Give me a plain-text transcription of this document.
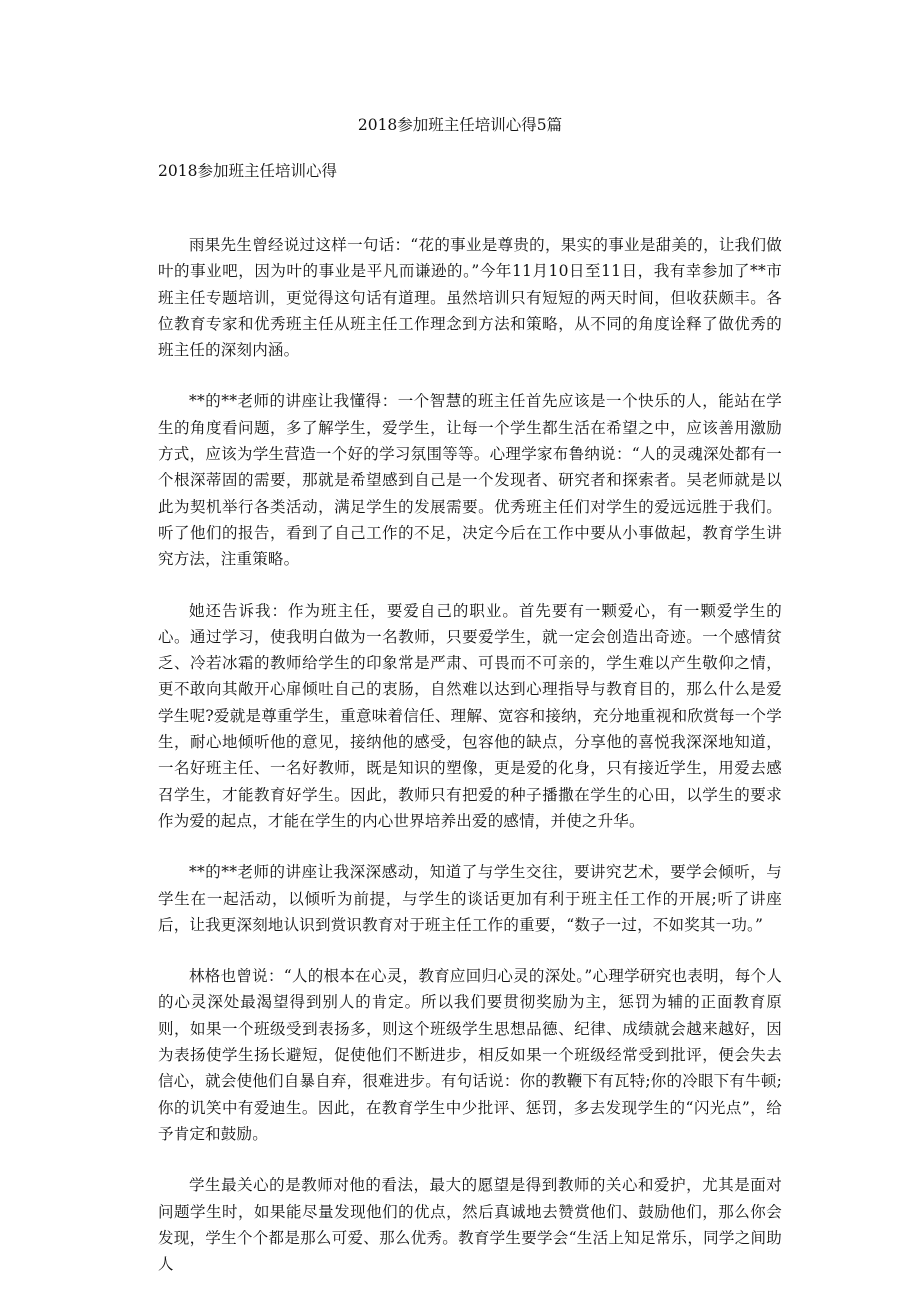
2018参加班主任培训心得5篇
2018参加班主任培训心得

雨果先生曾经说过这样一句话：“花的事业是尊贵的，果实的事业是甜美的，让我们做叶的事业吧，因为叶的事业是平凡而谦逊的。”今年11月10日至11日，我有幸参加了**市班主任专题培训，更觉得这句话有道理。虽然培训只有短短的两天时间，但收获颇丰。各位教育专家和优秀班主任从班主任工作理念到方法和策略，从不同的角度诠释了做优秀的班主任的深刻内涵。

**的**老师的讲座让我懂得：一个智慧的班主任首先应该是一个快乐的人，能站在学生的角度看问题，多了解学生，爱学生，让每一个学生都生活在希望之中，应该善用激励方式，应该为学生营造一个好的学习氛围等等。心理学家布鲁纳说：“人的灵魂深处都有一个根深蒂固的需要，那就是希望感到自己是一个发现者、研究者和探索者。吴老师就是以此为契机举行各类活动，满足学生的发展需要。优秀班主任们对学生的爱远远胜于我们。听了他们的报告，看到了自己工作的不足，决定今后在工作中要从小事做起，教育学生讲究方法，注重策略。

她还告诉我：作为班主任，要爱自己的职业。首先要有一颗爱心，有一颗爱学生的心。通过学习，使我明白做为一名教师，只要爱学生，就一定会创造出奇迹。一个感情贫乏、冷若冰霜的教师给学生的印象常是严肃、可畏而不可亲的，学生难以产生敬仰之情，更不敢向其敞开心扉倾吐自己的衷肠，自然难以达到心理指导与教育目的，那么什么是爱学生呢?爱就是尊重学生，重意味着信任、理解、宽容和接纳，充分地重视和欣赏每一个学生，耐心地倾听他的意见，接纳他的感受，包容他的缺点，分享他的喜悦我深深地知道，一名好班主任、一名好教师，既是知识的塑像，更是爱的化身，只有接近学生，用爱去感召学生，才能教育好学生。因此，教师只有把爱的种子播撒在学生的心田，以学生的要求作为爱的起点，才能在学生的内心世界培养出爱的感情，并使之升华。

**的**老师的讲座让我深深感动，知道了与学生交往，要讲究艺术，要学会倾听，与学生在一起活动，以倾听为前提，与学生的谈话更加有利于班主任工作的开展;听了讲座后，让我更深刻地认识到赏识教育对于班主任工作的重要，“数子一过，不如奖其一功。”

林格也曾说：“人的根本在心灵，教育应回归心灵的深处。”心理学研究也表明，每个人的心灵深处最渴望得到别人的肯定。所以我们要贯彻奖励为主，惩罚为辅的正面教育原则，如果一个班级受到表扬多，则这个班级学生思想品德、纪律、成绩就会越来越好，因为表扬使学生扬长避短，促使他们不断进步，相反如果一个班级经常受到批评，便会失去信心，就会使他们自暴自弃，很难进步。有句话说：你的教鞭下有瓦特;你的冷眼下有牛顿;你的讥笑中有爱迪生。因此，在教育学生中少批评、惩罚，多去发现学生的“闪光点”，给予肯定和鼓励。

学生最关心的是教师对他的看法，最大的愿望是得到教师的关心和爱护，尤其是面对问题学生时，如果能尽量发现他们的优点，然后真诚地去赞赏他们、鼓励他们，那么你会发现，学生个个都是那么可爱、那么优秀。教育学生要学会“生活上知足常乐，同学之间助人
